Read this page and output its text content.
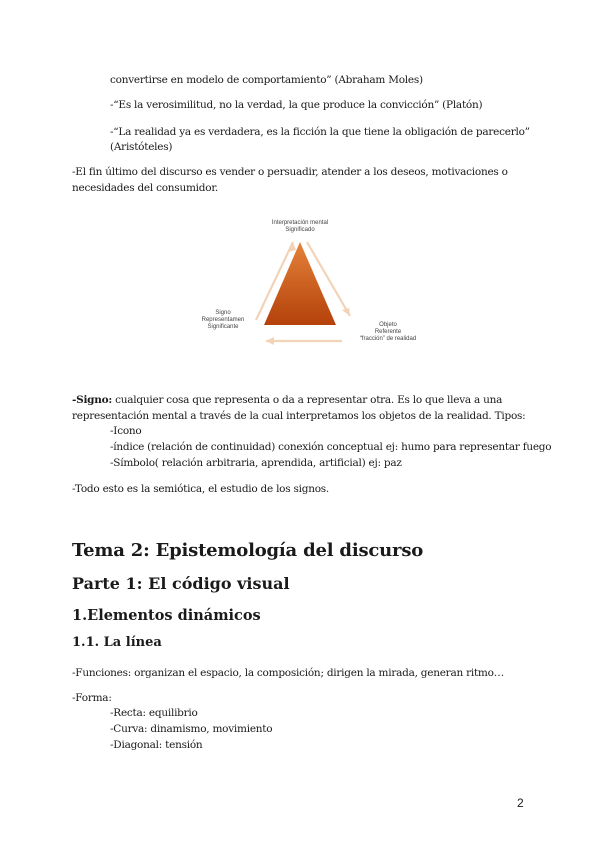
convertirse en modelo de comportamiento” (Abraham Moles)
-“Es la verosimilitud, no la verdad, la que produce la convicción” (Platón)
-“La realidad ya es verdadera, es la ficción la que tiene la obligación de parecerlo”
(Aristóteles)
-El fin último del discurso es vender o persuadir, atender a los deseos, motivaciones o necesidades del consumidor.
Interpretación mental
Significado
Signo
Representamen
Significante	Objeto
Referente
“fracción” de realidad
-Signo: cualquier cosa que representa o da a representar otra. Es lo que lleva a una representación mental a través de la cual interpretamos los objetos de la realidad. Tipos:
-Icono
-índice (relación de continuidad) conexión conceptual ej: humo para representar fuego
-Símbolo( relación arbitraria, aprendida, artificial) ej: paz
-Todo esto es la semiótica, el estudio de los signos.
Tema 2: Epistemología del discurso
Parte 1: El código visual
1.Elementos dinámicos
1.1. La línea
-Funciones: organizan el espacio, la composición; dirigen la mirada, generan ritmo…
-Forma:
-Recta: equilibrio
-Curva: dinamismo, movimiento
-Diagonal: tensión
2
